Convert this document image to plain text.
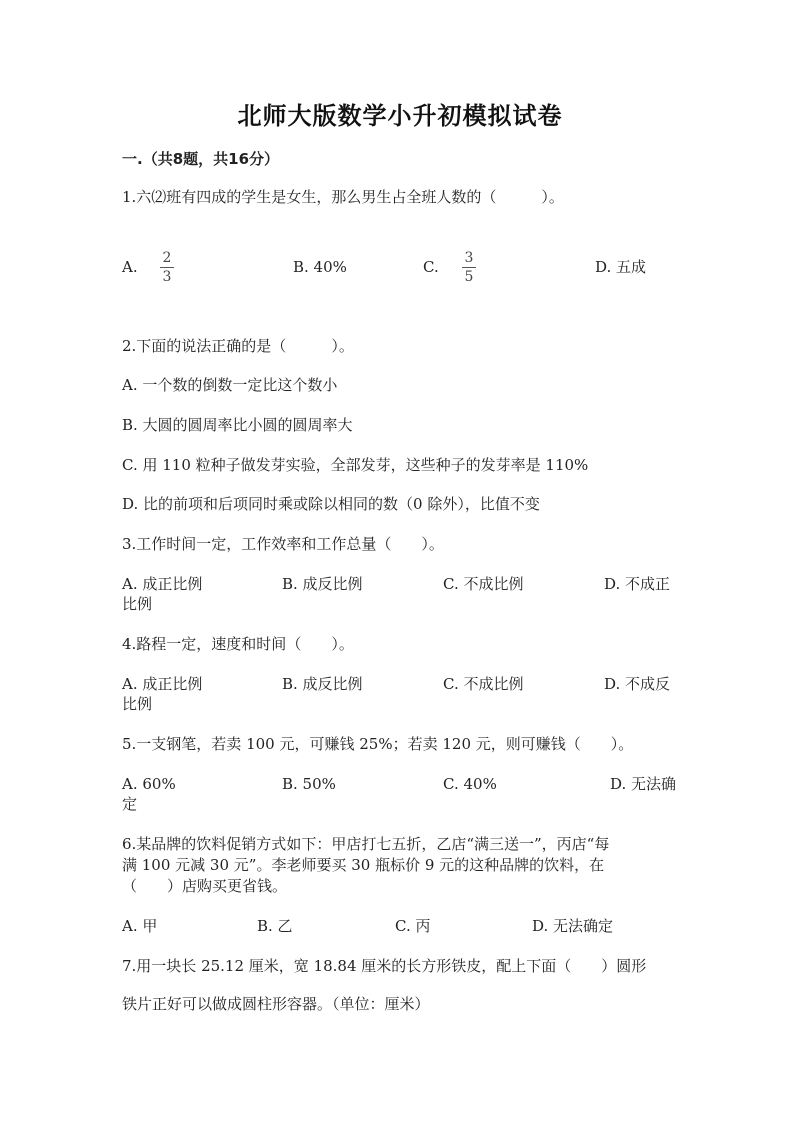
北师大版数学小升初模拟试卷
一.（共8题，共16分）
1.六⑵班有四成的学生是女生，那么男生占全班人数的（　　　）。
A. 2
3
B. 40%	C. 3
5
D. 五成
2.下面的说法正确的是（　　　）。
A. 一个数的倒数一定比这个数小
B. 大圆的圆周率比小圆的圆周率大
C. 用 110 粒种子做发芽实验，全部发芽，这些种子的发芽率是 110%
D. 比的前项和后项同时乘或除以相同的数（0 除外），比值不变
3.工作时间一定，工作效率和工作总量（　　）。
A. 成正比例	B. 成反比例	C. 不成比例	D. 不成正
比例
4.路程一定，速度和时间（　　）。
A. 成正比例	B. 成反比例	C. 不成比例	D. 不成反
比例
5.一支钢笔，若卖 100 元，可赚钱 25%；若卖 120 元，则可赚钱（　　）。
A. 60%	B. 50%	C. 40%	D. 无法确
定
6.某品牌的饮料促销方式如下：甲店打七五折，乙店“满三送一”，丙店“每
满 100 元减 30 元”。李老师要买 30 瓶标价 9 元的这种品牌的饮料，在
（　　）店购买更省钱。
A. 甲	B. 乙	C. 丙	D. 无法确定
7.用一块长 25.12 厘米，宽 18.84 厘米的长方形铁皮，配上下面（　　）圆形
铁片正好可以做成圆柱形容器。（单位：厘米）
